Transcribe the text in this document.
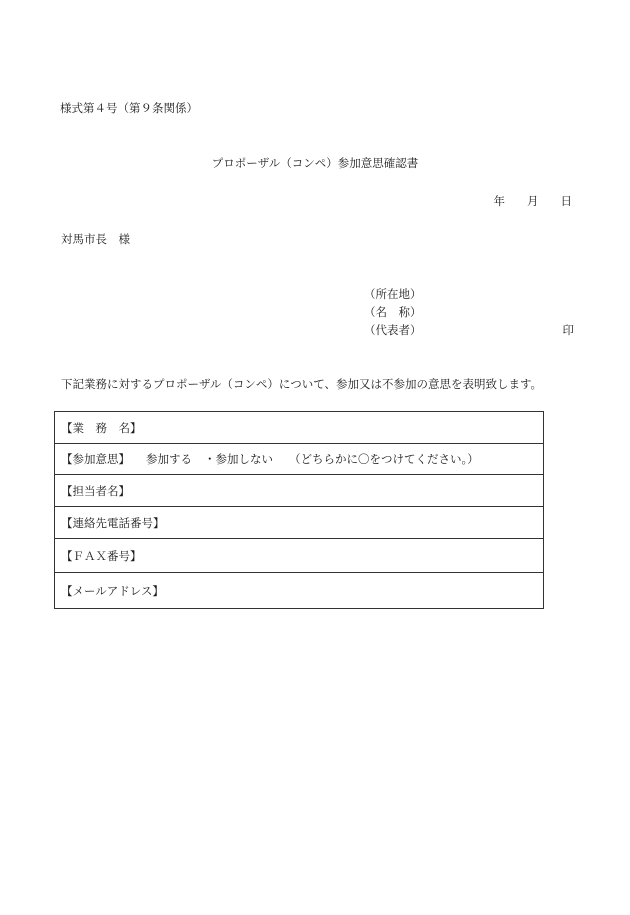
様式第４号（第９条関係）
プロポーザル（コンペ）参加意思確認書
年 月 日
対馬市長　様
（所在地）
（名　称）
（代表者）	印
下記業務に対するプロポーザル（コンペ）について、参加又は不参加の意思を表明致します。
【業　務　名】
【参加意思】 参加する ・参加しない （どちらかに〇をつけてください。）
【担当者名】
【連絡先電話番号】
【ＦＡＸ番号】
【メールアドレス】
